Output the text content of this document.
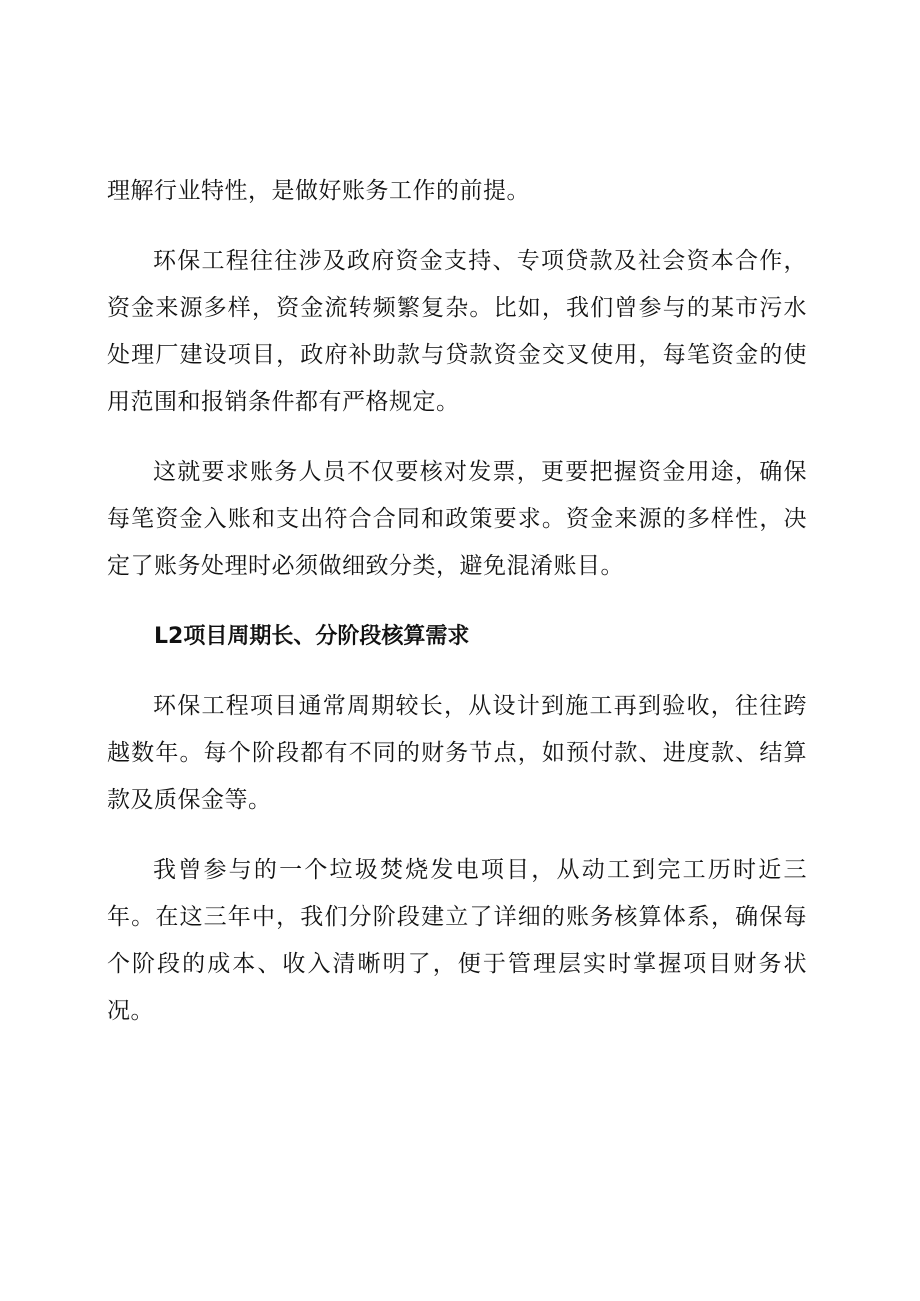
理解行业特性，是做好账务工作的前提。

环保工程往往涉及政府资金支持、专项贷款及社会资本合作，资金来源多样，资金流转频繁复杂。比如，我们曾参与的某市污水处理厂建设项目，政府补助款与贷款资金交叉使用，每笔资金的使用范围和报销条件都有严格规定。

这就要求账务人员不仅要核对发票，更要把握资金用途，确保每笔资金入账和支出符合合同和政策要求。资金来源的多样性，决定了账务处理时必须做细致分类，避免混淆账目。

L2项目周期长、分阶段核算需求

环保工程项目通常周期较长，从设计到施工再到验收，往往跨越数年。每个阶段都有不同的财务节点，如预付款、进度款、结算款及质保金等。

我曾参与的一个垃圾焚烧发电项目，从动工到完工历时近三年。在这三年中，我们分阶段建立了详细的账务核算体系，确保每个阶段的成本、收入清晰明了，便于管理层实时掌握项目财务状况。
